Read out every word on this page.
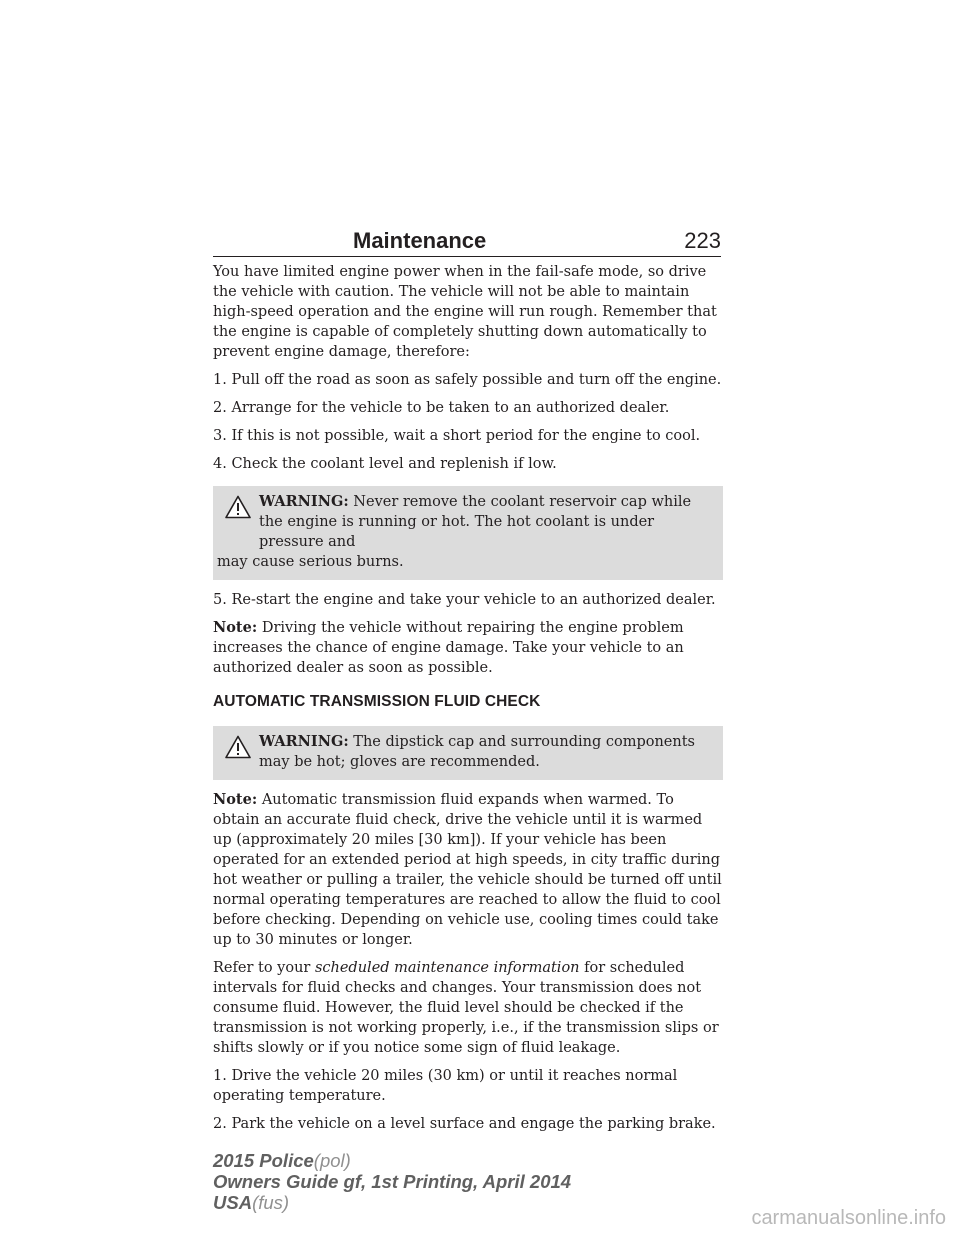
Maintenance	223

You have limited engine power when in the fail-safe mode, so drive the vehicle with caution. The vehicle will not be able to maintain high-speed operation and the engine will run rough. Remember that the engine is capable of completely shutting down automatically to prevent engine damage, therefore:

1. Pull off the road as soon as safely possible and turn off the engine.

2. Arrange for the vehicle to be taken to an authorized dealer.

3. If this is not possible, wait a short period for the engine to cool.

4. Check the coolant level and replenish if low.

WARNING: Never remove the coolant reservoir cap while the engine is running or hot. The hot coolant is under pressure and
may cause serious burns.

5. Re-start the engine and take your vehicle to an authorized dealer.

Note: Driving the vehicle without repairing the engine problem increases the chance of engine damage. Take your vehicle to an authorized dealer as soon as possible.

AUTOMATIC TRANSMISSION FLUID CHECK
WARNING: The dipstick cap and surrounding components may be hot; gloves are recommended.

Note: Automatic transmission fluid expands when warmed. To obtain an accurate fluid check, drive the vehicle until it is warmed up (approximately 20 miles [30 km]). If your vehicle has been operated for an extended period at high speeds, in city traffic during hot weather or pulling a trailer, the vehicle should be turned off until normal operating temperatures are reached to allow the fluid to cool before checking. Depending on vehicle use, cooling times could take up to 30 minutes or longer.

Refer to your scheduled maintenance information for scheduled intervals for fluid checks and changes. Your transmission does not consume fluid. However, the fluid level should be checked if the transmission is not working properly, i.e., if the transmission slips or shifts slowly or if you notice some sign of fluid leakage.

1. Drive the vehicle 20 miles (30 km) or until it reaches normal operating temperature.

2. Park the vehicle on a level surface and engage the parking brake.

2015 Police(pol)
Owners Guide gf, 1st Printing, April 2014
USA(fus)
carmanualsonline.info
